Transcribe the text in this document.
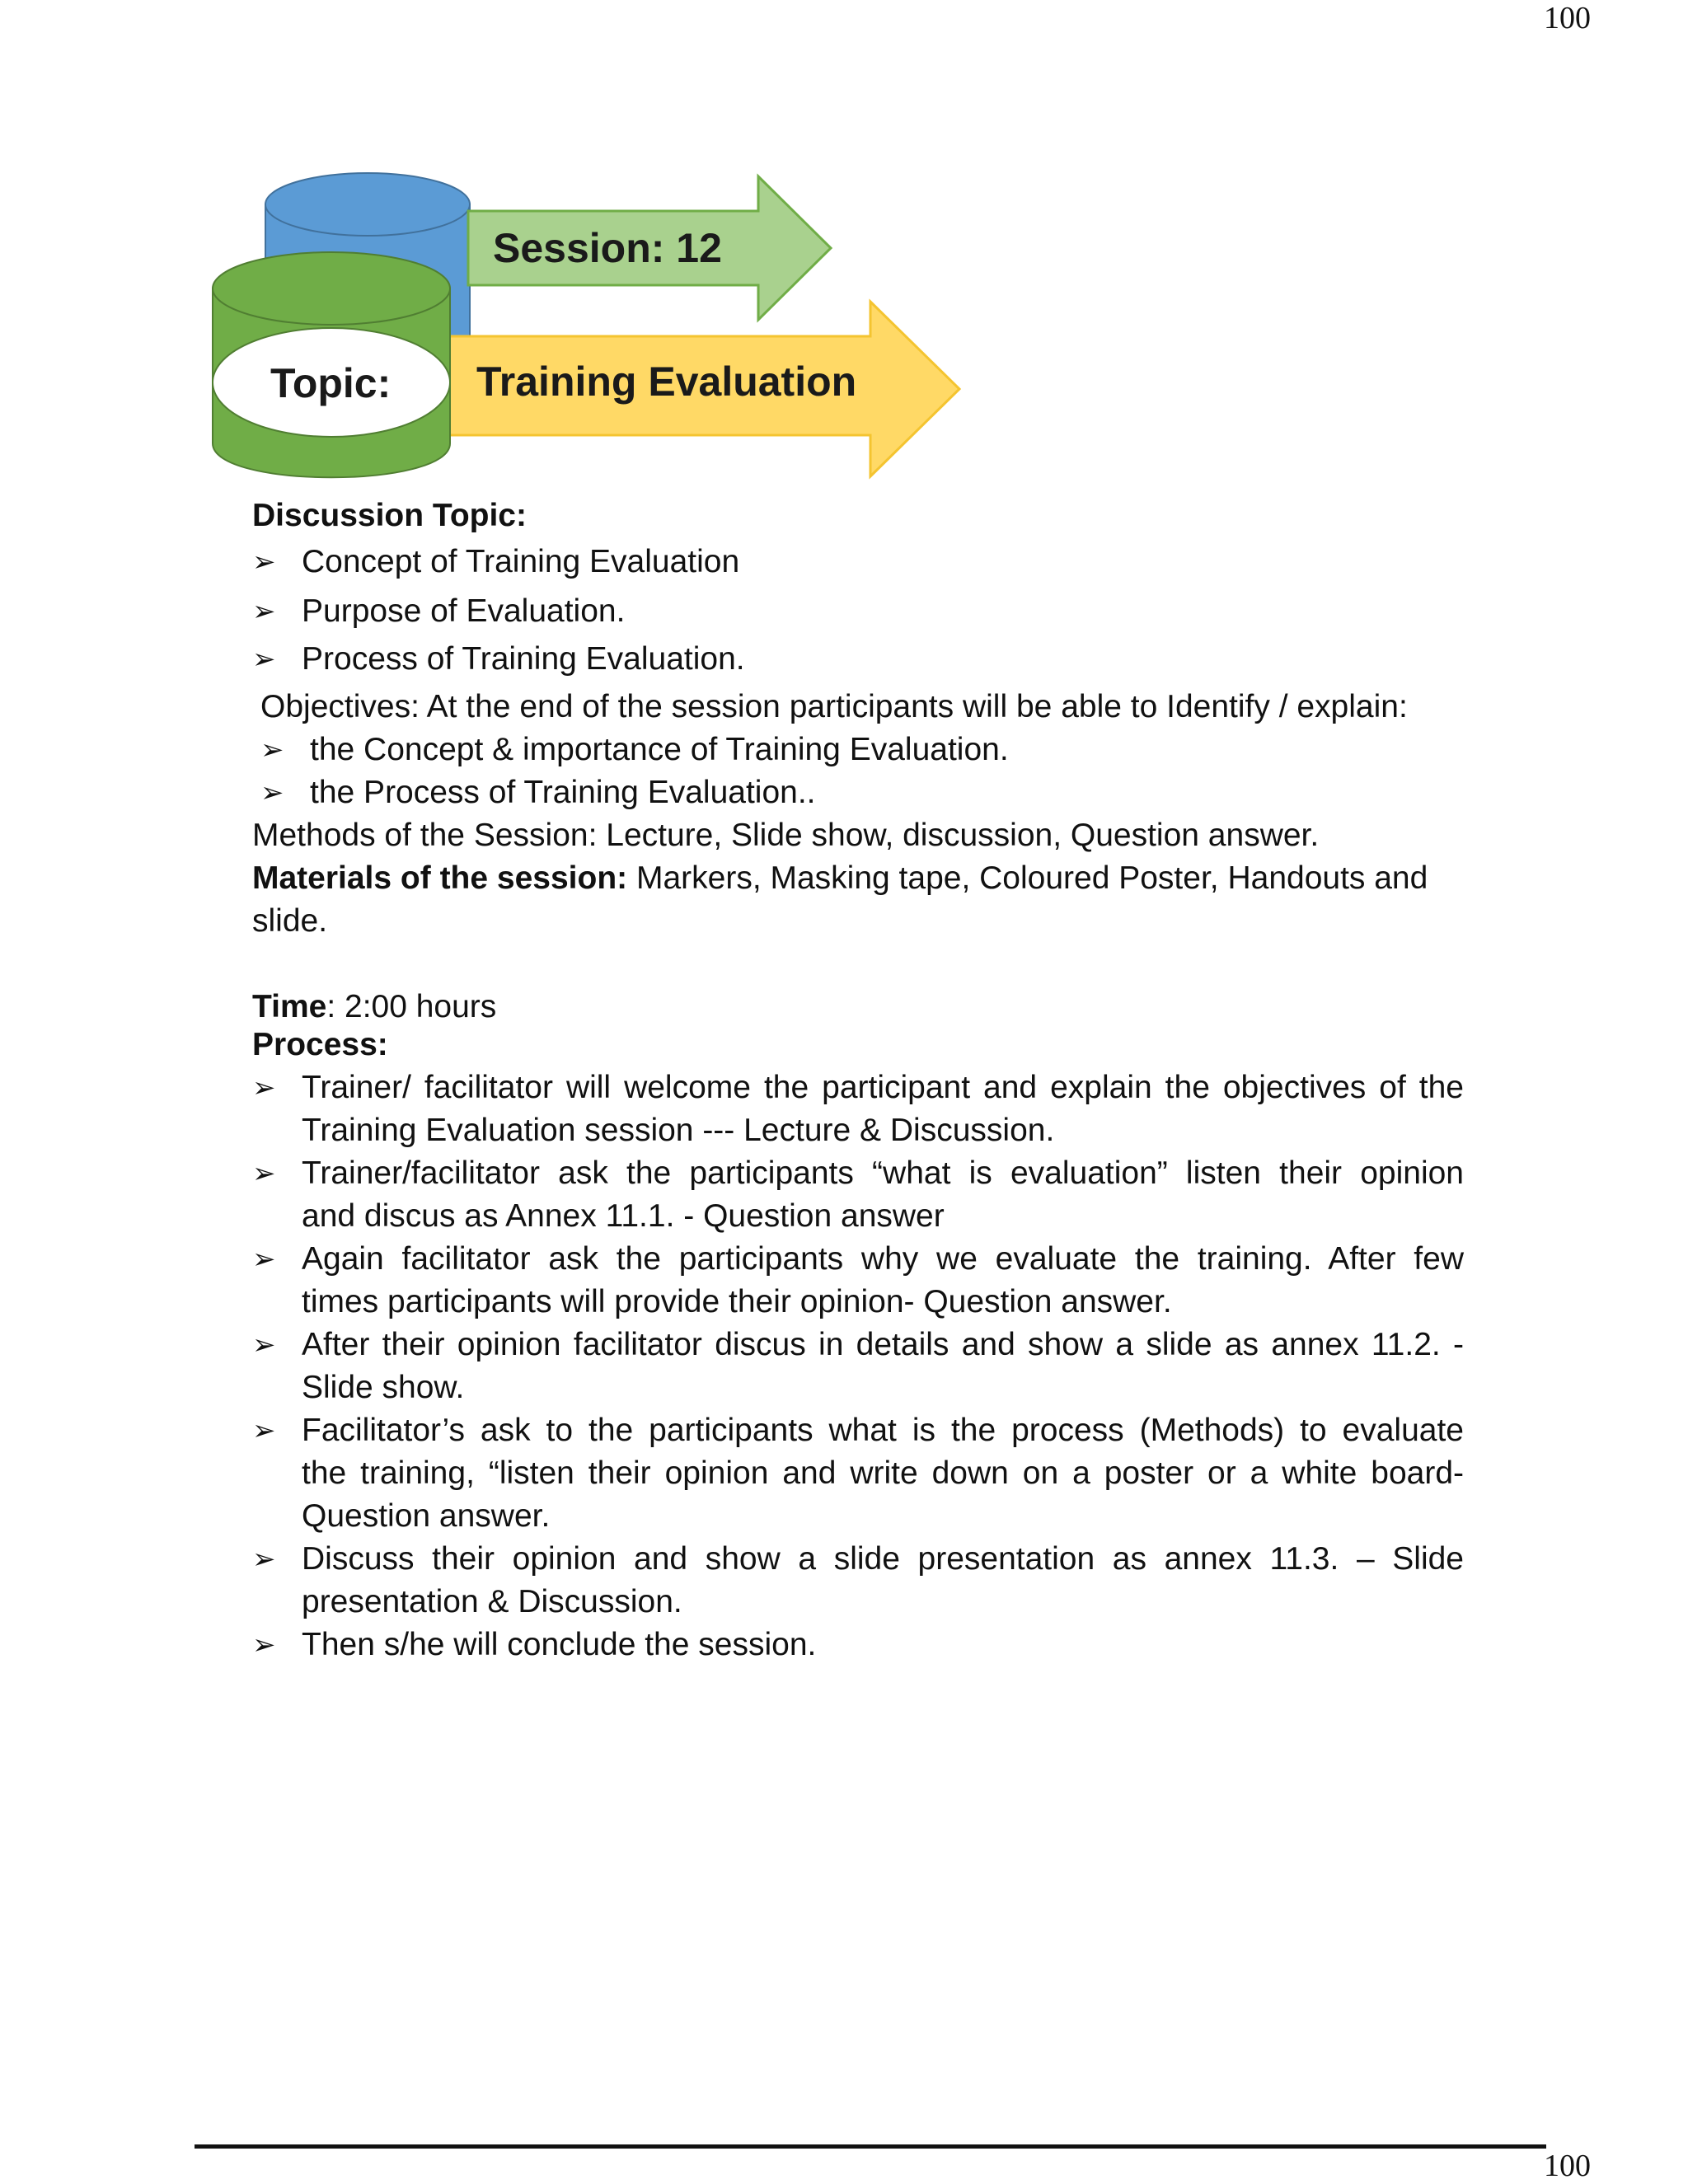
100
Session: 12
Topic: Training Evaluation
Discussion Topic:
➢ Concept of Training Evaluation
➢ Purpose of Evaluation.
➢ Process of Training Evaluation.
Objectives: At the end of the session participants will be able to Identify / explain:
➢ the Concept & importance of Training Evaluation.
➢ the Process of Training Evaluation..
Methods of the Session: Lecture, Slide show, discussion, Question answer.
Materials of the session: Markers, Masking tape, Coloured Poster, Handouts and
slide.
Time: 2:00 hours
Process:
➢ Trainer/ facilitator will welcome the participant and explain the objectives of the
Training Evaluation session --- Lecture & Discussion.
➢ Trainer/facilitator ask the participants “what is evaluation” listen their opinion
and discus as Annex 11.1. - Question answer
➢ Again facilitator ask the participants why we evaluate the training. After few
times participants will provide their opinion- Question answer.
➢ After their opinion facilitator discus in details and show a slide as annex 11.2. -
Slide show.
➢ Facilitator’s ask to the participants what is the process (Methods) to evaluate
the training, “listen their opinion and write down on a poster or a white board-
Question answer.
➢ Discuss their opinion and show a slide presentation as annex 11.3. – Slide
presentation & Discussion.
➢ Then s/he will conclude the session.
100
